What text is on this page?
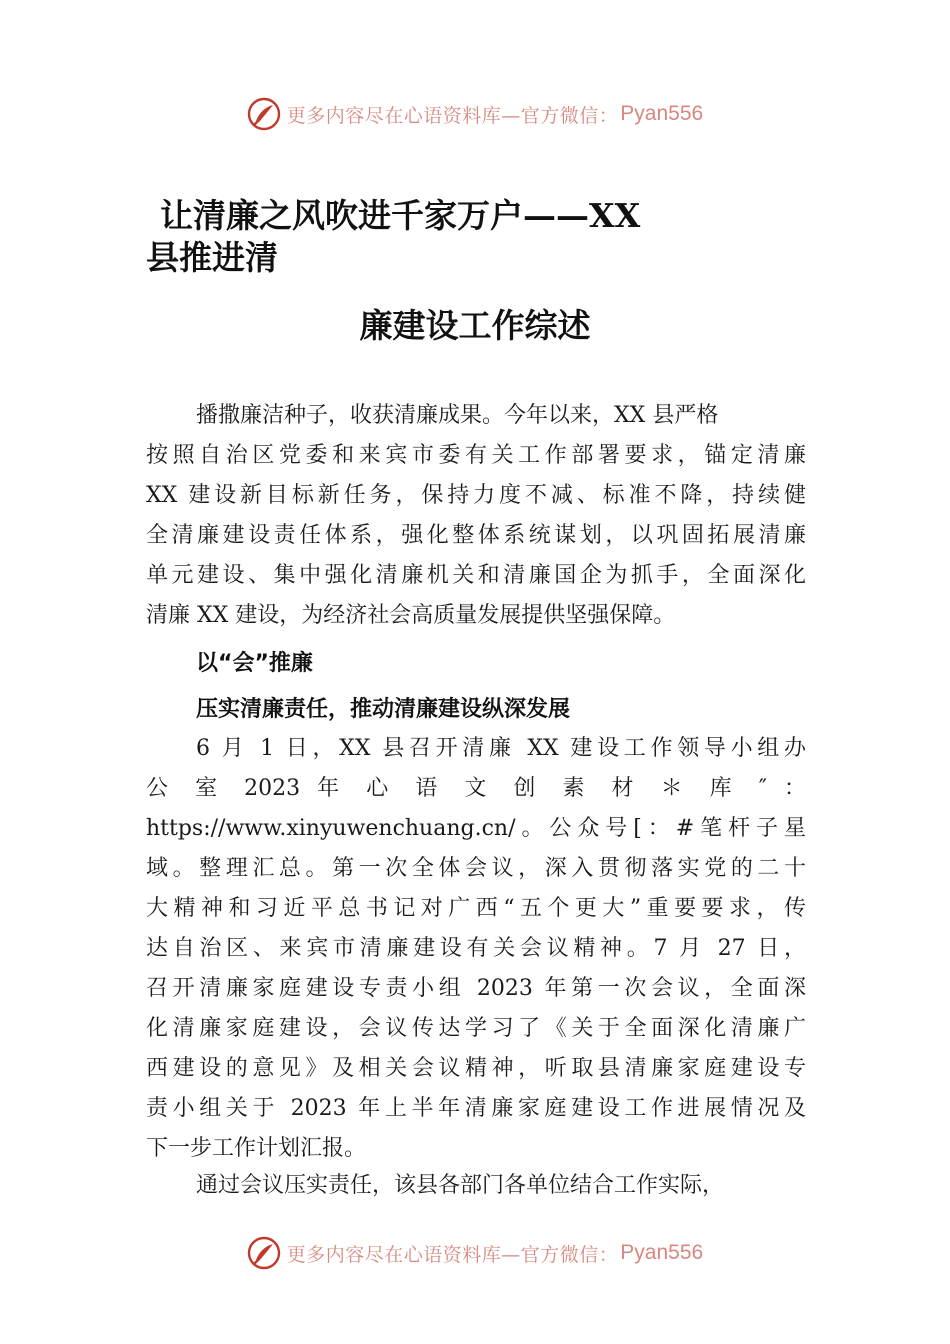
更多内容尽在心语资料库—官方微信： Pyan556
让清廉之风吹进千家万户——XX
县推进清
廉建设工作综述
播撒廉洁种子，收获清廉成果。今年以来，XX 县严格
按照自治区党委和来宾市委有关工作部署要求，锚定清廉
XX 建设新目标新任务，保持力度不减、标准不降，持续健
全清廉建设责任体系，强化整体系统谋划，以巩固拓展清廉
单元建设、集中强化清廉机关和清廉国企为抓手，全面深化
清廉 XX 建设，为经济社会高质量发展提供坚强保障。
以“会”推廉
压实清廉责任，推动清廉建设纵深发展
6 月 1 日，XX 县召开清廉 XX 建设工作领导小组办
公 室 2023 年 心 语 文 创 素 材 ＊ 库 ″ ：
https://www.xinyuwenchuang.cn/。公众号[：#笔杆子星
域。整理汇总。第一次全体会议，深入贯彻落实党的二十
大精神和习近平总书记对广西“五个更大”重要要求，传
达自治区、来宾市清廉建设有关会议精神。7 月 27 日，
召开清廉家庭建设专责小组 2023 年第一次会议，全面深
化清廉家庭建设，会议传达学习了《关于全面深化清廉广
西建设的意见》及相关会议精神，听取县清廉家庭建设专
责小组关于 2023 年上半年清廉家庭建设工作进展情况及
下一步工作计划汇报。
通过会议压实责任，该县各部门各单位结合工作实际，
更多内容尽在心语资料库—官方微信： Pyan556
